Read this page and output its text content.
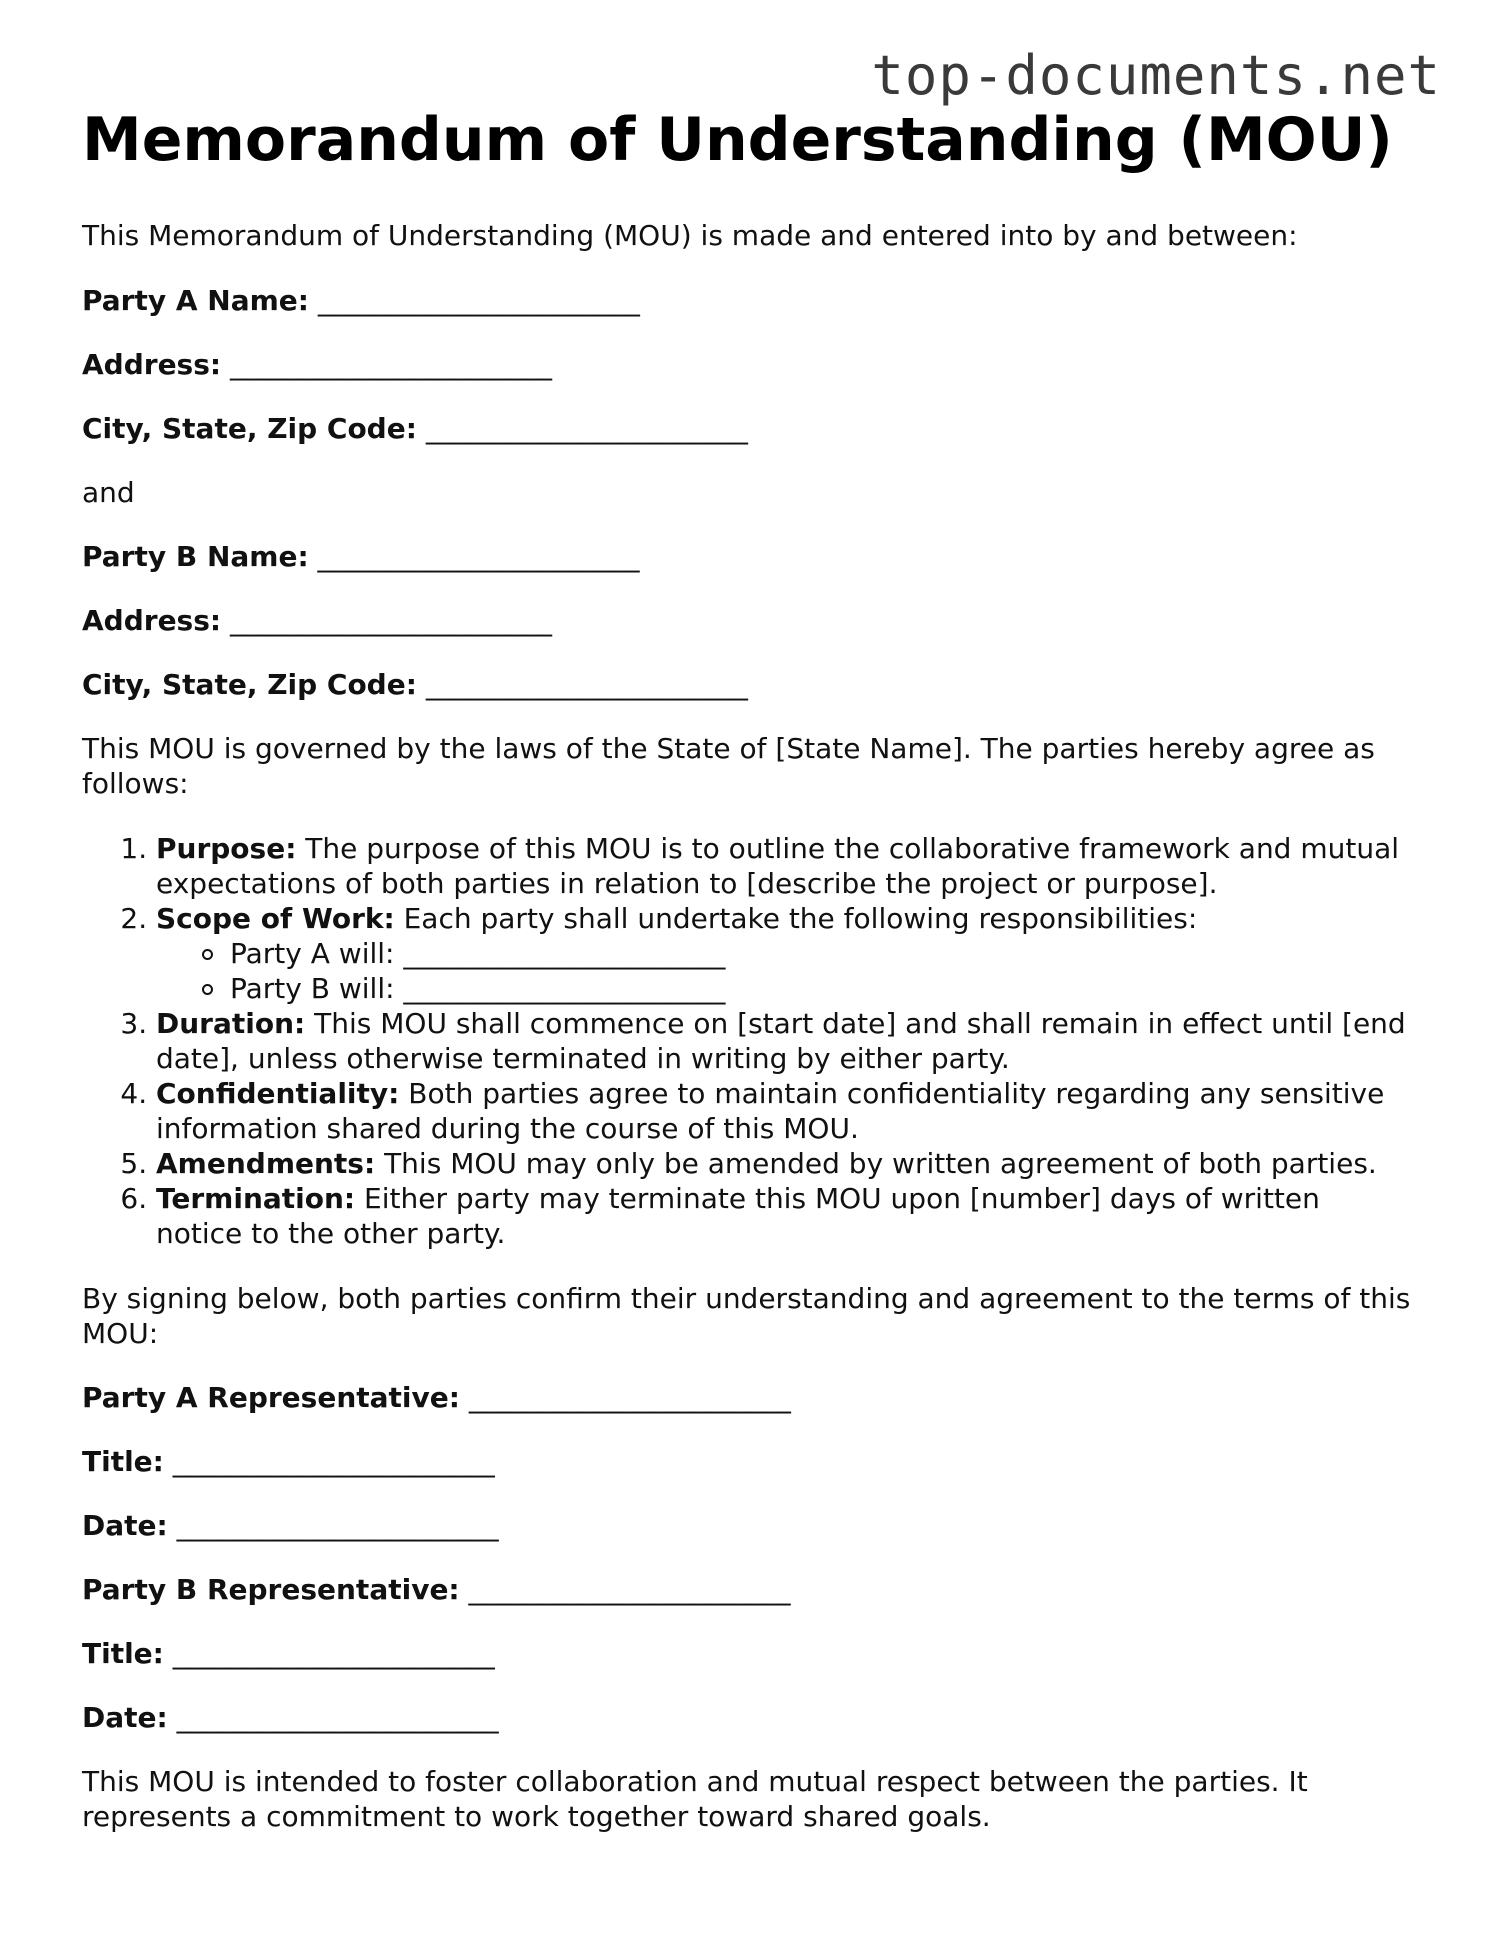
top-documents.net
Memorandum of Understanding (MOU)

This Memorandum of Understanding (MOU) is made and entered into by and between:

Party A Name: _______________________

Address: _______________________

City, State, Zip Code: _______________________

and

Party B Name: _______________________

Address: _______________________

City, State, Zip Code: _______________________

This MOU is governed by the laws of the State of [State Name]. The parties hereby agree as follows:

1. Purpose: The purpose of this MOU is to outline the collaborative framework and mutual expectations of both parties in relation to [describe the project or purpose].
2. Scope of Work: Each party shall undertake the following responsibilities:
Party A will: _______________________
Party B will: _______________________
3. Duration: This MOU shall commence on [start date] and shall remain in effect until [end date], unless otherwise terminated in writing by either party.
4. Confidentiality: Both parties agree to maintain confidentiality regarding any sensitive information shared during the course of this MOU.
5. Amendments: This MOU may only be amended by written agreement of both parties.
6. Termination: Either party may terminate this MOU upon [number] days of written notice to the other party.

By signing below, both parties confirm their understanding and agreement to the terms of this MOU:

Party A Representative: _______________________

Title: _______________________

Date: _______________________

Party B Representative: _______________________

Title: _______________________

Date: _______________________

This MOU is intended to foster collaboration and mutual respect between the parties. It represents a commitment to work together toward shared goals.
